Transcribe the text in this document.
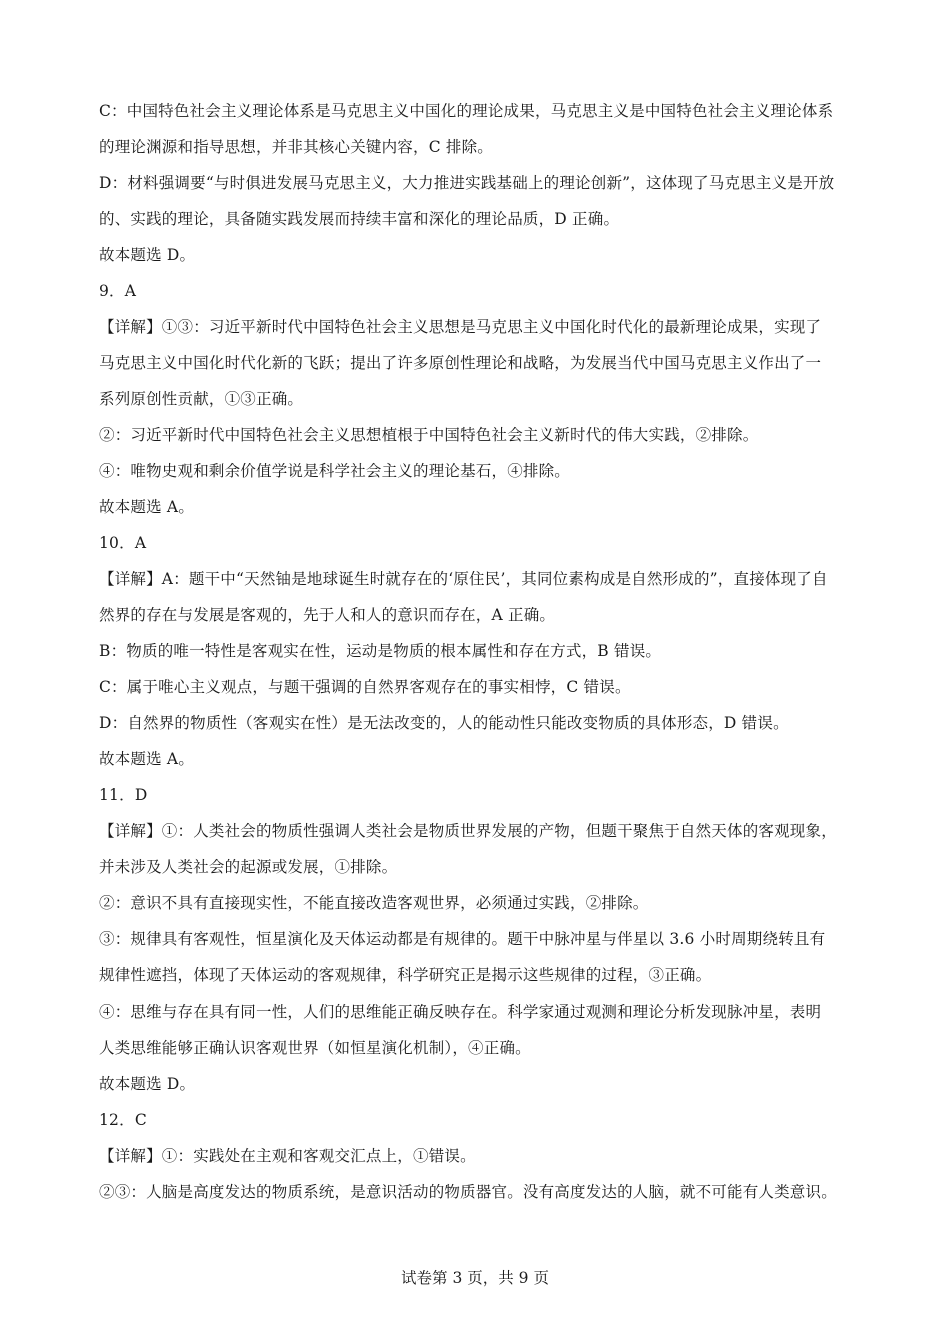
C：中国特色社会主义理论体系是马克思主义中国化的理论成果，马克思主义是中国特色社会主义理论体系
的理论渊源和指导思想，并非其核心关键内容，C 排除。
D：材料强调要“与时俱进发展马克思主义，大力推进实践基础上的理论创新”，这体现了马克思主义是开放
的、实践的理论，具备随实践发展而持续丰富和深化的理论品质，D 正确。
故本题选 D。
9．A
【详解】①③：习近平新时代中国特色社会主义思想是马克思主义中国化时代化的最新理论成果，实现了
马克思主义中国化时代化新的飞跃；提出了许多原创性理论和战略，为发展当代中国马克思主义作出了一
系列原创性贡献，①③正确。
②：习近平新时代中国特色社会主义思想植根于中国特色社会主义新时代的伟大实践，②排除。
④：唯物史观和剩余价值学说是科学社会主义的理论基石，④排除。
故本题选 A。
10．A
【详解】A：题干中“天然铀是地球诞生时就存在的‘原住民’，其同位素构成是自然形成的”，直接体现了自
然界的存在与发展是客观的，先于人和人的意识而存在，A 正确。
B：物质的唯一特性是客观实在性，运动是物质的根本属性和存在方式，B 错误。
C：属于唯心主义观点，与题干强调的自然界客观存在的事实相悖，C 错误。
D：自然界的物质性（客观实在性）是无法改变的，人的能动性只能改变物质的具体形态，D 错误。
故本题选 A。
11．D
【详解】①：人类社会的物质性强调人类社会是物质世界发展的产物，但题干聚焦于自然天体的客观现象，
并未涉及人类社会的起源或发展，①排除。
②：意识不具有直接现实性，不能直接改造客观世界，必须通过实践，②排除。
③：规律具有客观性，恒星演化及天体运动都是有规律的。题干中脉冲星与伴星以 3.6 小时周期绕转且有
规律性遮挡，体现了天体运动的客观规律，科学研究正是揭示这些规律的过程，③正确。
④：思维与存在具有同一性，人们的思维能正确反映存在。科学家通过观测和理论分析发现脉冲星，表明
人类思维能够正确认识客观世界（如恒星演化机制），④正确。
故本题选 D。
12．C
【详解】①：实践处在主观和客观交汇点上，①错误。
②③：人脑是高度发达的物质系统，是意识活动的物质器官。没有高度发达的人脑，就不可能有人类意识。
试卷第 3 页，共 9 页
